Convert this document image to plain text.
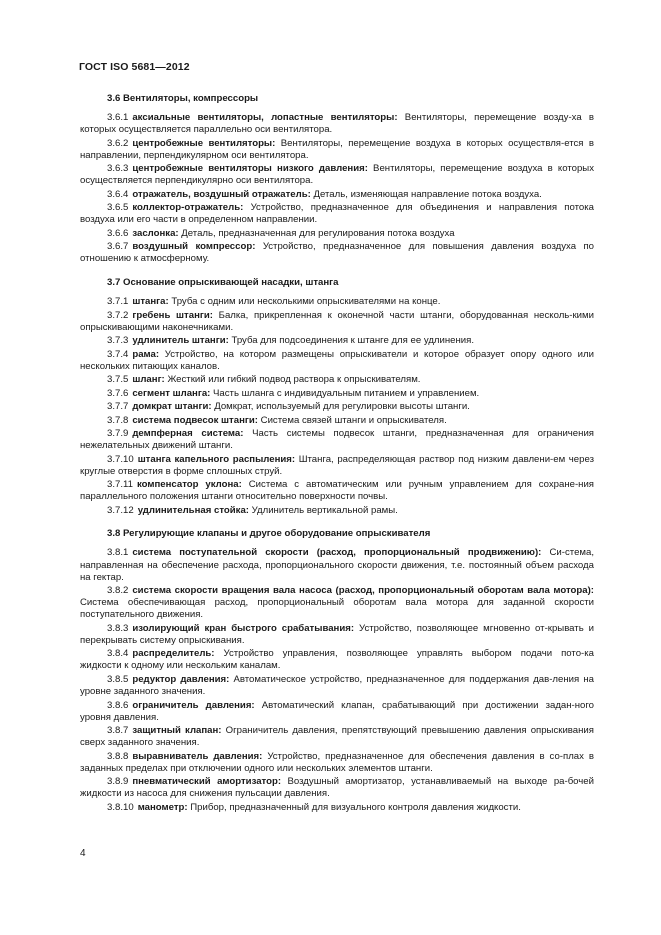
ГОСТ ISO 5681—2012
3.6 Вентиляторы, компрессоры
3.6.1 аксиальные вентиляторы, лопастные вентиляторы: Вентиляторы, перемещение возду-ха в которых осуществляется параллельно оси вентилятора.
3.6.2 центробежные вентиляторы: Вентиляторы, перемещение воздуха в которых осуществля-ется в направлении, перпендикулярном оси вентилятора.
3.6.3 центробежные вентиляторы низкого давления: Вентиляторы, перемещение воздуха в которых осуществляется перпендикулярно оси вентилятора.
3.6.4 отражатель, воздушный отражатель: Деталь, изменяющая направление потока воздуха.
3.6.5 коллектор-отражатель: Устройство, предназначенное для объединения и направления потока воздуха или его части в определенном направлении.
3.6.6 заслонка: Деталь, предназначенная для регулирования потока воздуха
3.6.7 воздушный компрессор: Устройство, предназначенное для повышения давления воздуха по отношению к атмосферному.
3.7 Основание опрыскивающей насадки, штанга
3.7.1 штанга: Труба с одним или несколькими опрыскивателями на конце.
3.7.2 гребень штанги: Балка, прикрепленная к оконечной части штанги, оборудованная несколь-кими опрыскивающими наконечниками.
3.7.3 удлинитель штанги: Труба для подсоединения к штанге для ее удлинения.
3.7.4 рама: Устройство, на котором размещены опрыскиватели и которое образует опору одного или нескольких питающих каналов.
3.7.5 шланг: Жесткий или гибкий подвод раствора к опрыскивателям.
3.7.6 сегмент шланга: Часть шланга с индивидуальным питанием и управлением.
3.7.7 домкрат штанги: Домкрат, используемый для регулировки высоты штанги.
3.7.8 система подвесок штанги: Система связей штанги и опрыскивателя.
3.7.9 демпферная система: Часть системы подвесок штанги, предназначенная для ограничения нежелательных движений штанги.
3.7.10 штанга капельного распыления: Штанга, распределяющая раствор под низким давлени-ем через круглые отверстия в форме сплошных струй.
3.7.11 компенсатор уклона: Система с автоматическим или ручным управлением для сохране-ния параллельного положения штанги относительно поверхности почвы.
3.7.12 удлинительная стойка: Удлинитель вертикальной рамы.
3.8 Регулирующие клапаны и другое оборудование опрыскивателя
3.8.1 система поступательной скорости (расход, пропорциональный продвижению): Си-стема, направленная на обеспечение расхода, пропорционального скорости движения, т.е. постоянный объем расхода на гектар.
3.8.2 система скорости вращения вала насоса (расход, пропорциональный оборотам вала мотора): Система обеспечивающая расход, пропорциональный оборотам вала мотора для заданной скорости поступательного движения.
3.8.3 изолирующий кран быстрого срабатывания: Устройство, позволяющее мгновенно от-крывать и перекрывать систему опрыскивания.
3.8.4 распределитель: Устройство управления, позволяющее управлять выбором подачи пото-ка жидкости к одному или нескольким каналам.
3.8.5 редуктор давления: Автоматическое устройство, предназначенное для поддержания дав-ления на уровне заданного значения.
3.8.6 ограничитель давления: Автоматический клапан, срабатывающий при достижении задан-ного уровня давления.
3.8.7 защитный клапан: Ограничитель давления, препятствующий превышению давления опрыскивания сверх заданного значения.
3.8.8 выравниватель давления: Устройство, предназначенное для обеспечения давления в со-плах в заданных пределах при отключении одного или нескольких элементов штанги.
3.8.9 пневматический амортизатор: Воздушный амортизатор, устанавливаемый на выходе ра-бочей жидкости из насоса для снижения пульсации давления.
3.8.10 манометр: Прибор, предназначенный для визуального контроля давления жидкости.
4
